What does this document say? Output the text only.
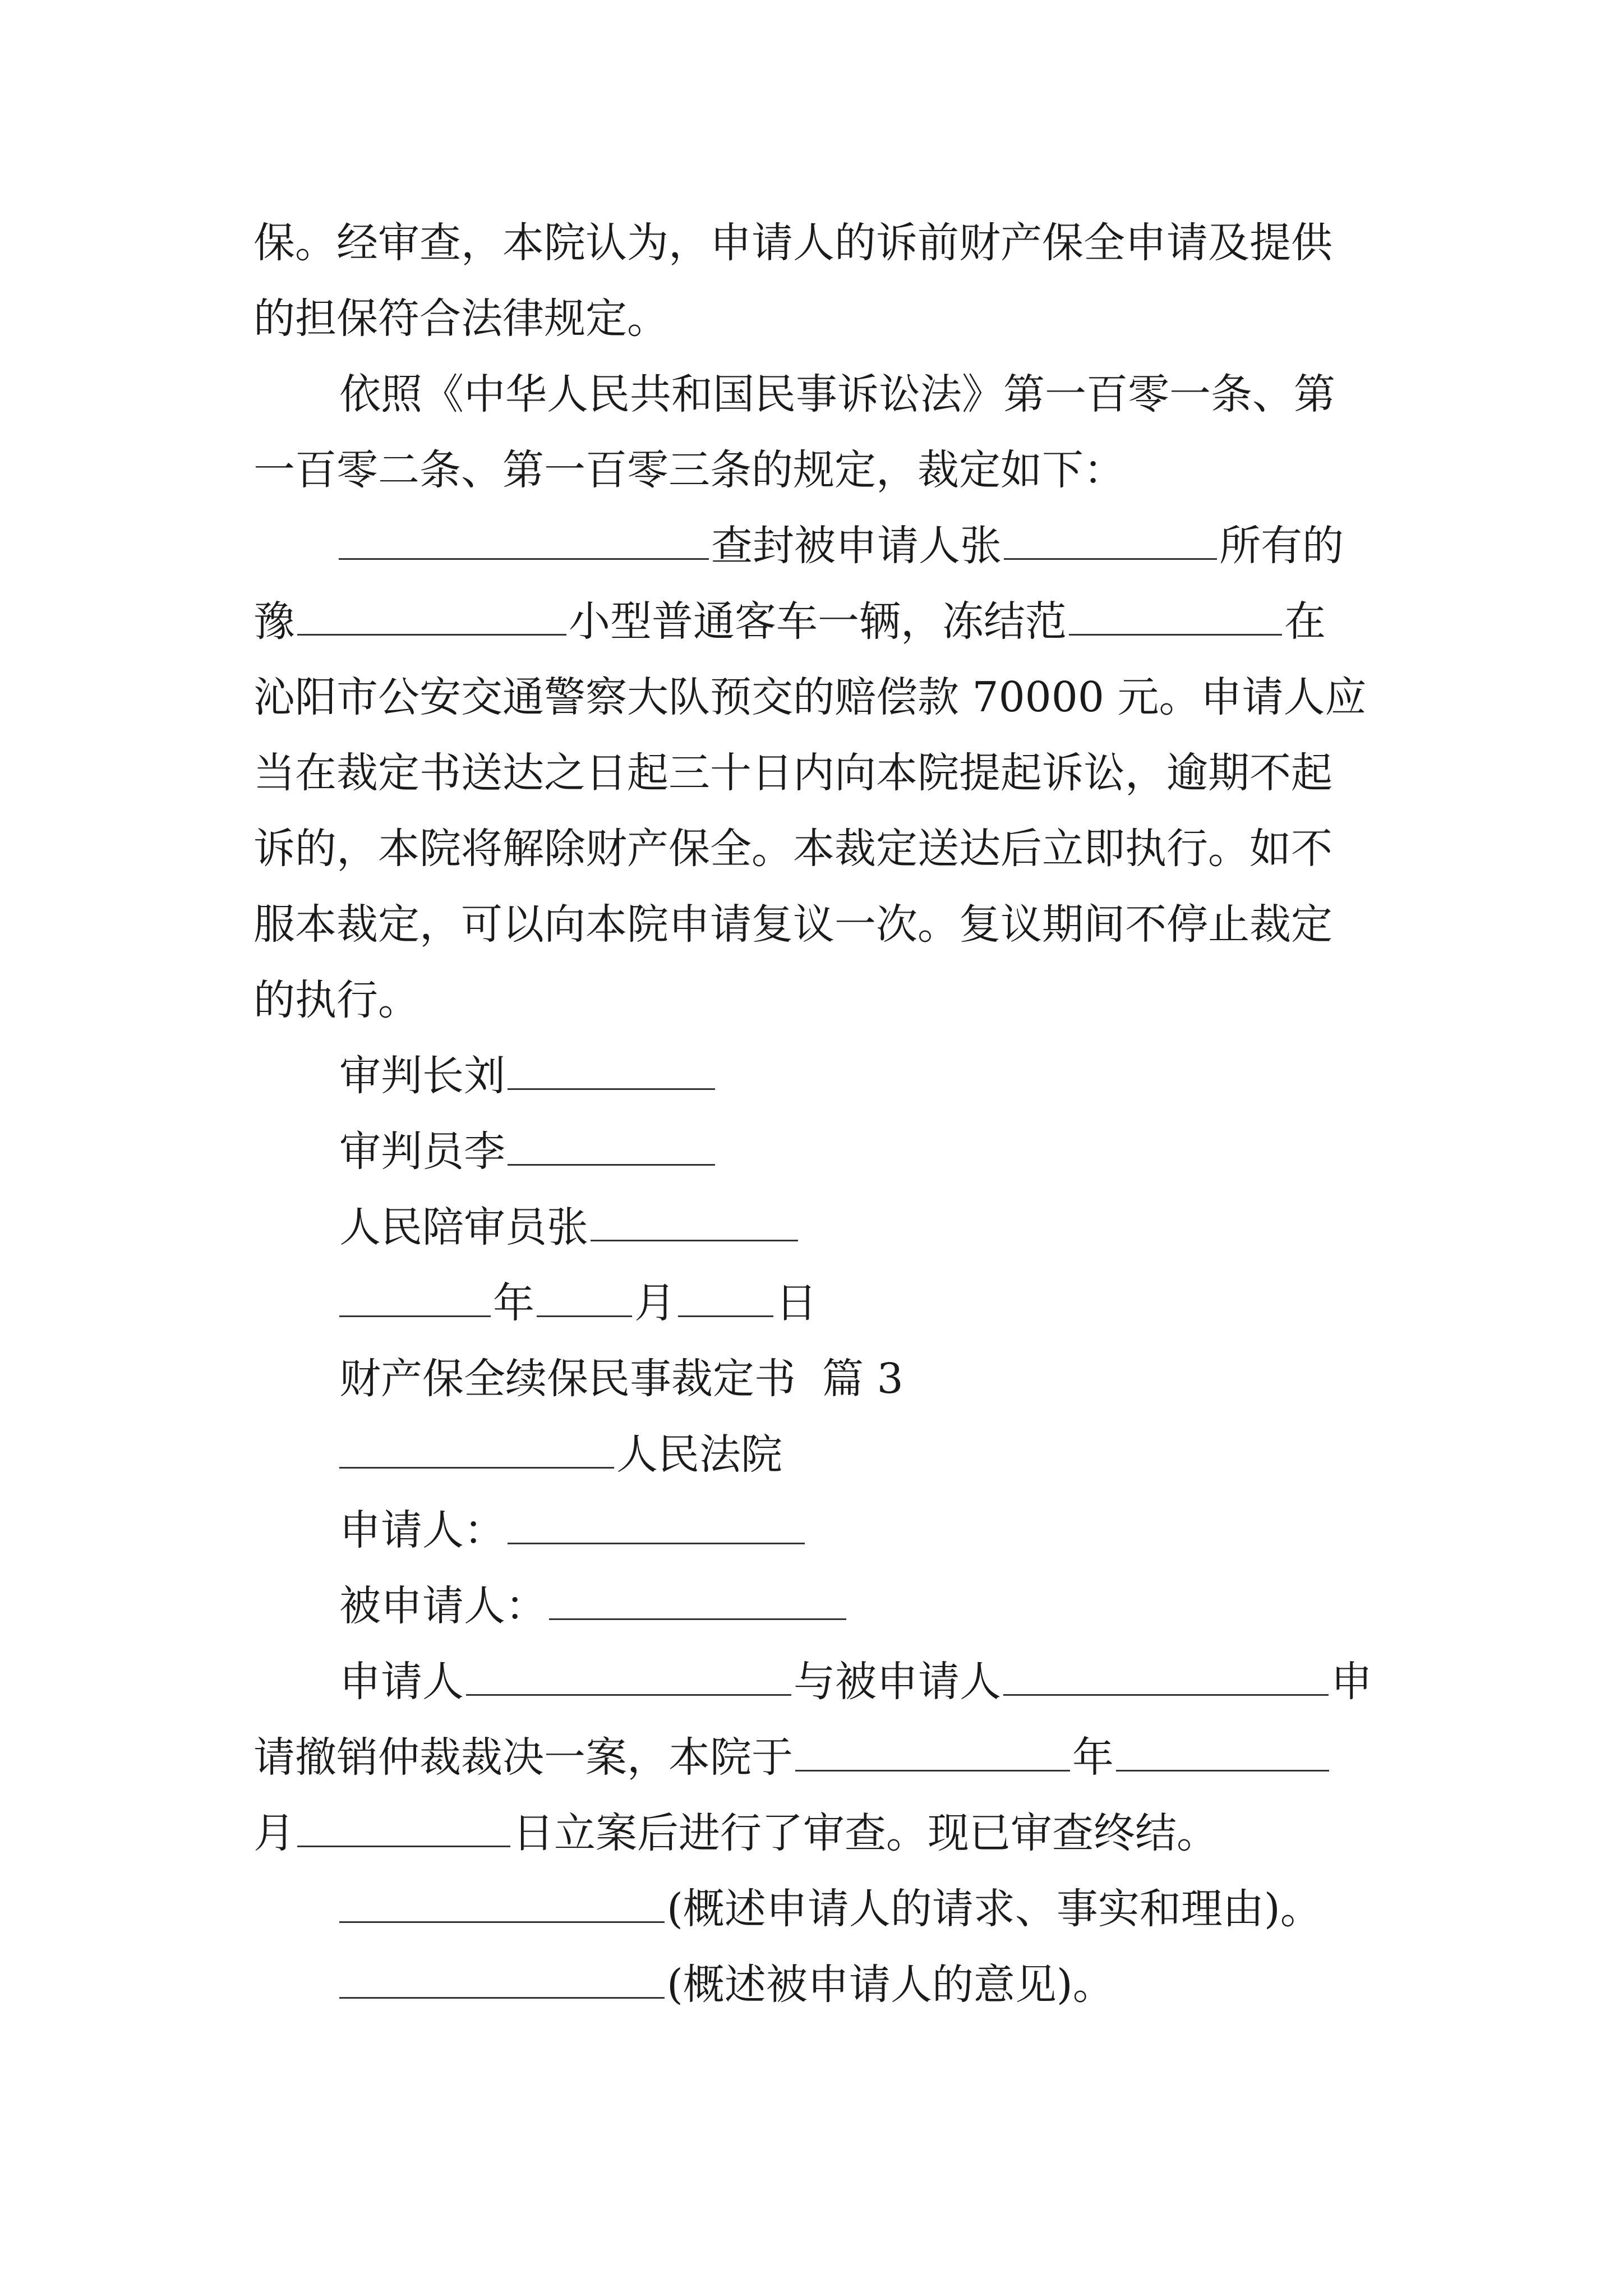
保。经审查，本院认为，申请人的诉前财产保全申请及提供
的担保符合法律规定。
依照《中华人民共和国民事诉讼法》第一百零一条、第
一百零二条、第一百零三条的规定，裁定如下：
查封被申请人张	所有的
豫	小型普通客车一辆，冻结范	在
沁阳市公安交通警察大队预交的赔偿款 70000 元。申请人应
当在裁定书送达之日起三十日内向本院提起诉讼，逾期不起
诉的，本院将解除财产保全。本裁定送达后立即执行。如不
服本裁定，可以向本院申请复议一次。复议期间不停止裁定
的执行。
审判长刘
审判员李
人民陪审员张
年 月 日
财产保全续保民事裁定书  篇 3
人民法院
申请人：
被申请人：
申请人	与被申请人	申
请撤销仲裁裁决一案，本院于	年
月	日立案后进行了审查。现已审查终结。
(概述申请人的请求、事实和理由)。
(概述被申请人的意见)。
